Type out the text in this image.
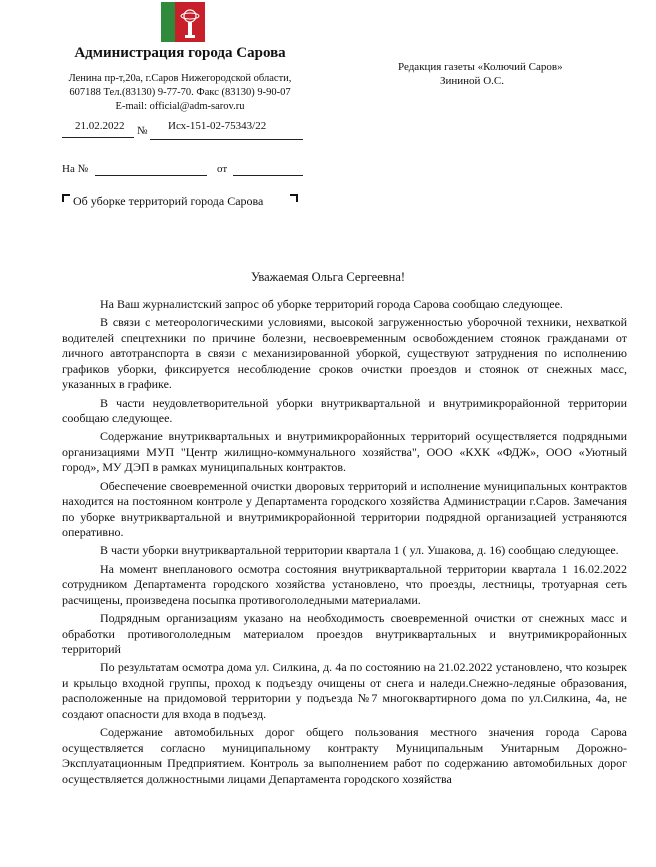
Администрация города Сарова
Ленина пр-т,20а, г.Саров Нижегородской области,
607188 Тел.(83130) 9-77-70. Факс (83130) 9-90-07
E-mail: official@adm-sarov.ru
21.02.2022 № Исх-151-02-75343/22
На №	от
Редакция газеты «Колючий Саров»
Зининой О.С.
Об уборке территорий города Сарова
Уважаемая Ольга Сергеевна!

На Ваш журналистский запрос об уборке территорий города Сарова сообщаю следующее.

В связи с метеорологическими условиями, высокой загруженностью уборочной техники, нехваткой водителей спецтехники по причине болезни, несвоевременным освобождением стоянок гражданами от личного автотранспорта в связи с механизированной уборкой, существуют затруднения по исполнению графиков уборки, фиксируется несоблюдение сроков очистки проездов и стоянок от снежных масс, указанных в графике.

В части неудовлетворительной уборки внутриквартальной и внутримикрорайонной территории сообщаю следующее.

Содержание внутриквартальных и внутримикрорайонных территорий осуществляется подрядными организациями МУП "Центр жилищно-коммунального хозяйства", ООО «КХК «ФДЖ», ООО «Уютный город», МУ ДЭП в рамках муниципальных контрактов.

Обеспечение своевременной очистки дворовых территорий и исполнение муниципальных контрактов находится на постоянном контроле у Департамента городского хозяйства Администрации г.Саров. Замечания по уборке внутриквартальной и внутримикрорайонной территории подрядной организацией устраняются оперативно.

В части уборки внутриквартальной территории квартала 1 ( ул. Ушакова, д. 16) сообщаю следующее.

На момент внепланового осмотра состояния внутриквартальной территории квартала 1 16.02.2022 сотрудником Департамента городского хозяйства установлено, что проезды, лестницы, тротуарная сеть расчищены, произведена посыпка противогололедными материалами.

Подрядным организациям указано на необходимость своевременной очистки от снежных масс и обработки противогололедным материалом проездов внутриквартальных и внутримикрорайонных территорий

По результатам осмотра дома ул. Силкина, д. 4а по состоянию на 21.02.2022 установлено, что козырек и крыльцо входной группы, проход к подъезду очищены от снега и наледи.Снежно-ледяные образования, расположенные на придомовой территории у подъезда №7 многоквартирного дома по ул.Силкина, 4а, не создают опасности для входа в подъезд.

Содержание автомобильных дорог общего пользования местного значения города Сарова осуществляется согласно муниципальному контракту Муниципальным Унитарным Дорожно-Эксплуатационным Предприятием. Контроль за выполнением работ по содержанию автомобильных дорог осуществляется должностными лицами Департамента городского хозяйства
